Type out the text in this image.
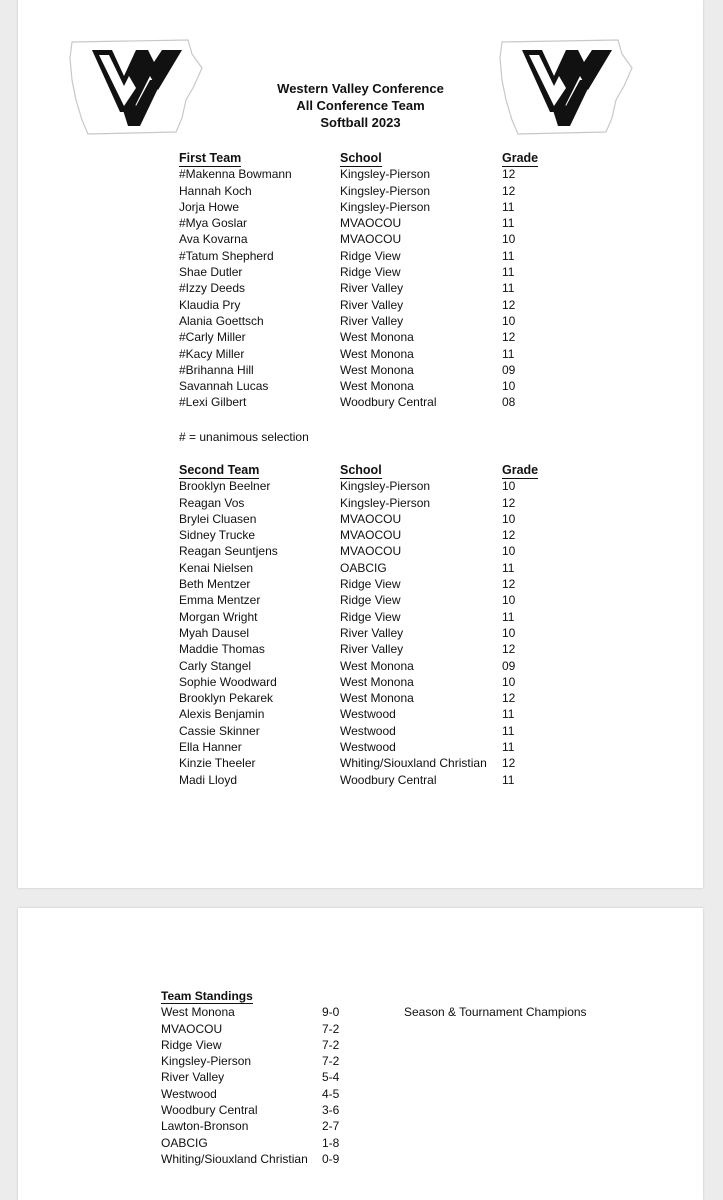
Western Valley Conference
All Conference Team
Softball 2023
First Team	School	Grade
#Makenna Bowmann	Kingsley-Pierson	12
Hannah Koch	Kingsley-Pierson	12
Jorja Howe	Kingsley-Pierson	11
#Mya Goslar	MVAOCOU	11
Ava Kovarna	MVAOCOU	10
#Tatum Shepherd	Ridge View	11
Shae Dutler	Ridge View	11
#Izzy Deeds	River Valley	11
Klaudia Pry	River Valley	12
Alania Goettsch	River Valley	10
#Carly Miller	West Monona	12
#Kacy Miller	West Monona	11
#Brihanna Hill	West Monona	09
Savannah Lucas	West Monona	10
#Lexi Gilbert	Woodbury Central	08
# = unanimous selection
Second Team	School	Grade
Brooklyn Beelner	Kingsley-Pierson	10
Reagan Vos	Kingsley-Pierson	12
Brylei Cluasen	MVAOCOU	10
Sidney Trucke	MVAOCOU	12
Reagan Seuntjens	MVAOCOU	10
Kenai Nielsen	OABCIG	11
Beth Mentzer	Ridge View	12
Emma Mentzer	Ridge View	10
Morgan Wright	Ridge View	11
Myah Dausel	River Valley	10
Maddie Thomas	River Valley	12
Carly Stangel	West Monona	09
Sophie Woodward	West Monona	10
Brooklyn Pekarek	West Monona	12
Alexis Benjamin	Westwood	11
Cassie Skinner	Westwood	11
Ella Hanner	Westwood	11
Kinzie Theeler	Whiting/Siouxland Christian	12
Madi Lloyd	Woodbury Central	11
Team Standings
West Monona	9-0	Season & Tournament Champions
MVAOCOU	7-2
Ridge View	7-2
Kingsley-Pierson	7-2
River Valley	5-4
Westwood	4-5
Woodbury Central	3-6
Lawton-Bronson	2-7
OABCIG	1-8
Whiting/Siouxland Christian	0-9
